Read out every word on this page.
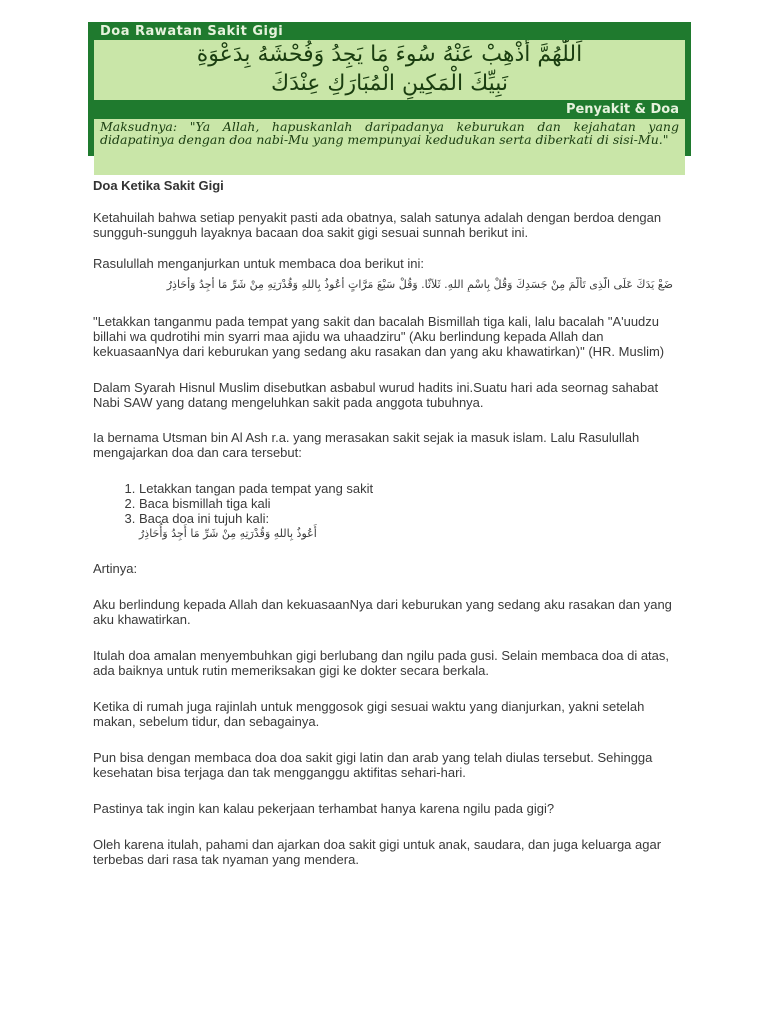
Doa Rawatan Sakit Gigi
اَللّٰهُمَّ أَذْهِبْ عَنْهُ سُوءَ مَا يَجِدُ وَفُحْشَهُ بِدَعْوَةِ
نَبِيِّكَ الْمَكِينِ الْمُبَارَكِ عِنْدَكَ
Penyakit & Doa
Maksudnya: "Ya Allah, hapuskanlah daripadanya keburukan dan kejahatan yang didapatinya dengan doa nabi-Mu yang mempunyai kedudukan serta diberkati di sisi-Mu."
Doa Ketika Sakit Gigi

Ketahuilah bahwa setiap penyakit pasti ada obatnya, salah satunya adalah dengan berdoa dengan sungguh-sungguh layaknya bacaan doa sakit gigi sesuai sunnah berikut ini.

Rasulullah menganjurkan untuk membaca doa berikut ini:

ضَعْ يَدَكَ عَلَى الَّذِى تَأَلَّمَ مِنْ جَسَدِكَ وَقُلْ بِاسْمِ اللهِ. ثَلاَثًا. وَقُلْ سَبْعَ مَرَّاتٍ أَعُوذُ بِاللهِ وَقُدْرَتِهِ مِنْ شَرِّ مَا أَجِدُ وَأُحَاذِرُ

"Letakkan tanganmu pada tempat yang sakit dan bacalah Bismillah tiga kali, lalu bacalah "A'uudzu billahi wa qudrotihi min syarri maa ajidu wa uhaadziru" (Aku berlindung kepada Allah dan kekuasaanNya dari keburukan yang sedang aku rasakan dan yang aku khawatirkan)" (HR. Muslim)

Dalam Syarah Hisnul Muslim disebutkan asbabul wurud hadits ini.Suatu hari ada seornag sahabat Nabi SAW yang datang mengeluhkan sakit pada anggota tubuhnya.

Ia bernama Utsman bin Al Ash r.a. yang merasakan sakit sejak ia masuk islam. Lalu Rasulullah mengajarkan doa dan cara tersebut:

1. Letakkan tangan pada tempat yang sakit
2. Baca bismillah tiga kali
3. Baca doa ini tujuh kali:
أَعُوذُ بِاللهِ وَقُدْرَتِهِ مِنْ شَرِّ مَا أَجِدُ وَأُحَاذِرُ

Artinya:

Aku berlindung kepada Allah dan kekuasaanNya dari keburukan yang sedang aku rasakan dan yang aku khawatirkan.

Itulah doa amalan menyembuhkan gigi berlubang dan ngilu pada gusi. Selain membaca doa di atas, ada baiknya untuk rutin memeriksakan gigi ke dokter secara berkala.

Ketika di rumah juga rajinlah untuk menggosok gigi sesuai waktu yang dianjurkan, yakni setelah makan, sebelum tidur, dan sebagainya.

Pun bisa dengan membaca doa doa sakit gigi latin dan arab yang telah diulas tersebut. Sehingga kesehatan bisa terjaga dan tak mengganggu aktifitas sehari-hari.

Pastinya tak ingin kan kalau pekerjaan terhambat hanya karena ngilu pada gigi?

Oleh karena itulah, pahami dan ajarkan doa sakit gigi untuk anak, saudara, dan juga keluarga agar terbebas dari rasa tak nyaman yang mendera.
